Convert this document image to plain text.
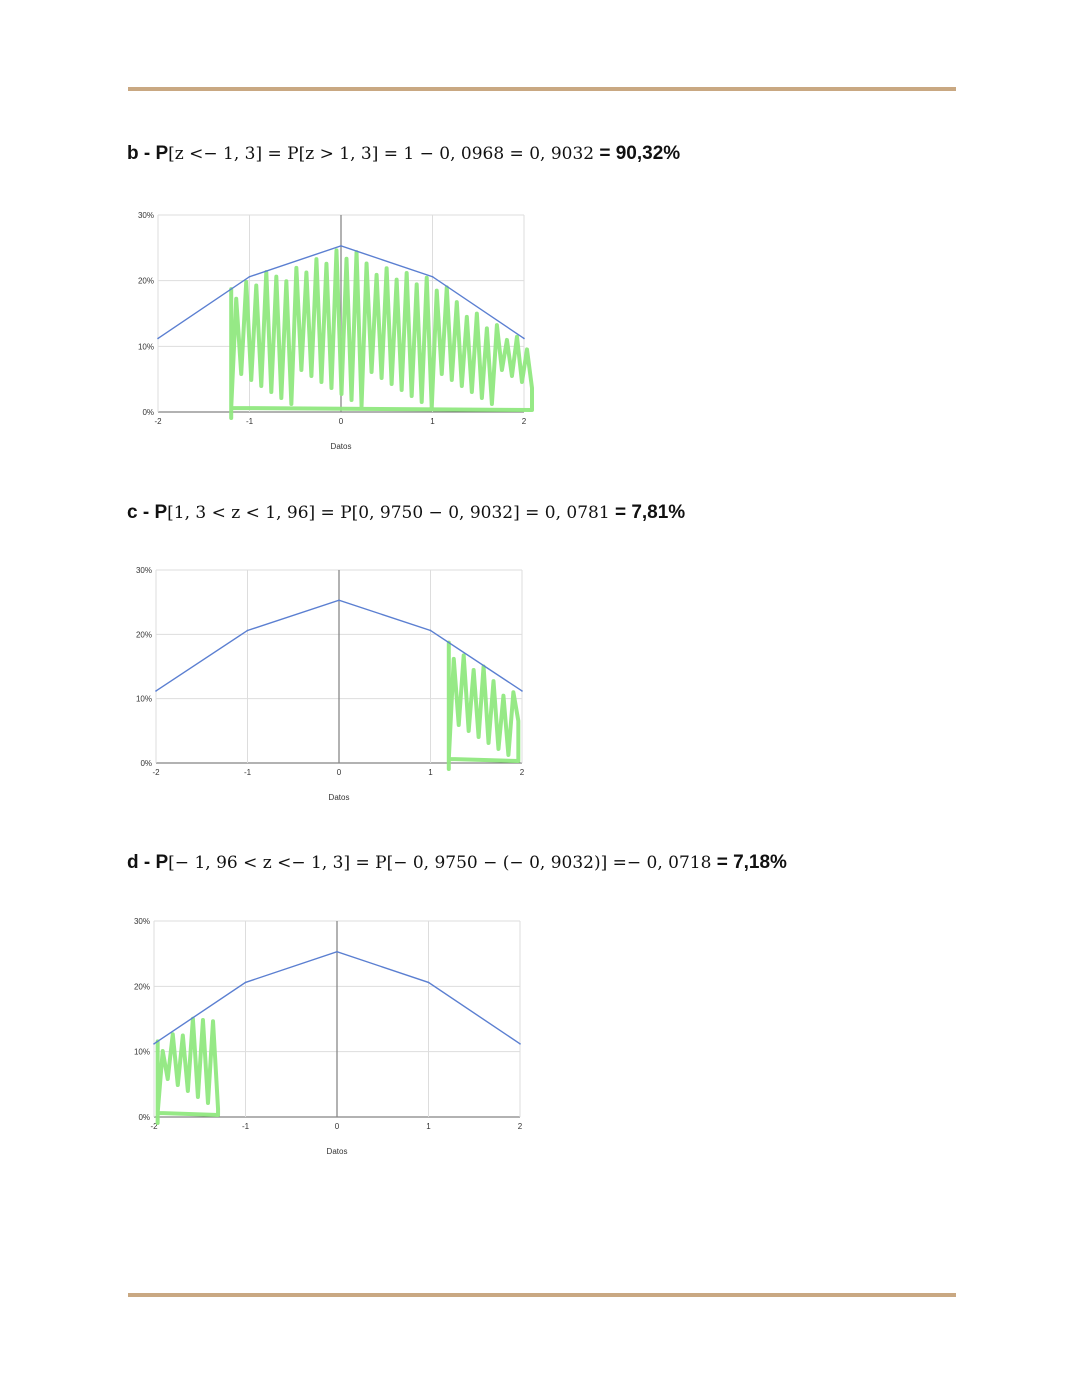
b - P[z <− 1, 3] = P[z > 1, 3] = 1 − 0, 0968 = 0, 9032 = 90,32%
0%
10%
20%
30%
-2	-1	0	1	2
Datos
c - P[1, 3 < z < 1, 96] = P[0, 9750 − 0, 9032] = 0, 0781 = 7,81%
0%
10%
20%
30%
-2	-1	0	1	2
Datos
d - P[− 1, 96 < z <− 1, 3] = P[− 0, 9750 − (− 0, 9032)] =− 0, 0718 = 7,18%
0%
10%
20%
30%
-2	-1	0	1	2
Datos
